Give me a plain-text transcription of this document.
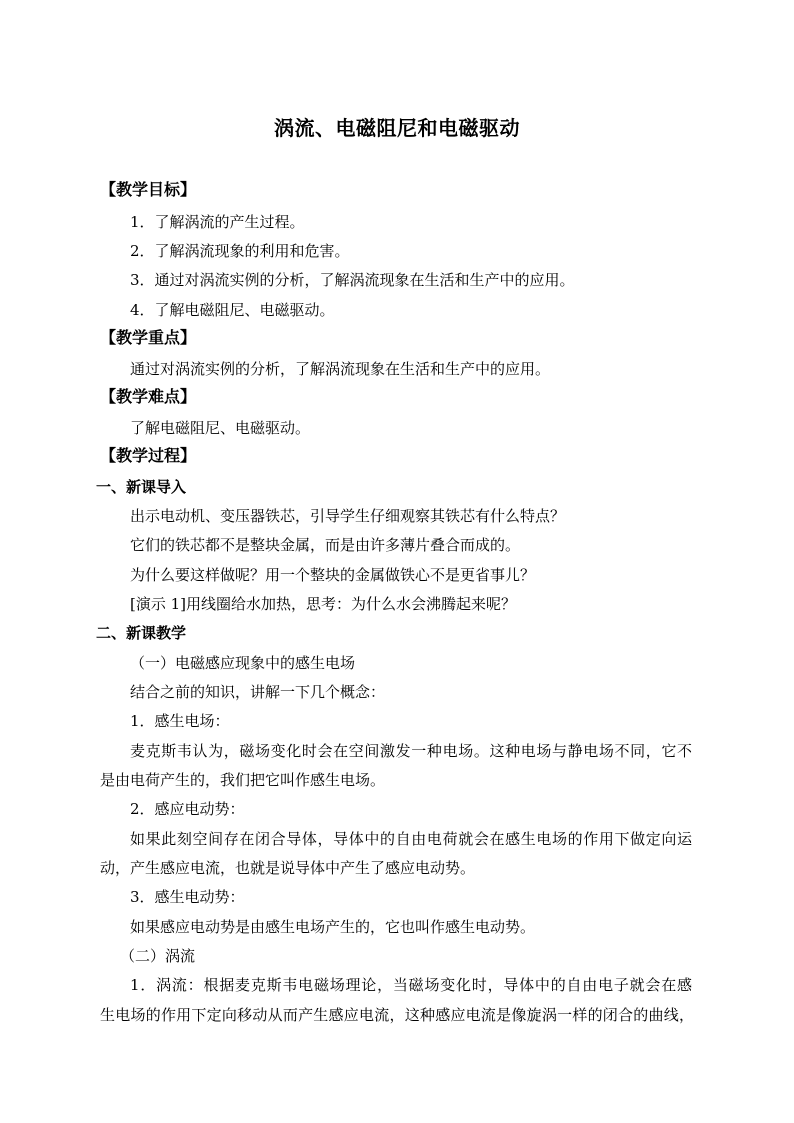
涡流、电磁阻尼和电磁驱动
【教学目标】
1．了解涡流的产生过程。
2．了解涡流现象的利用和危害。
3．通过对涡流实例的分析，了解涡流现象在生活和生产中的应用。
4．了解电磁阻尼、电磁驱动。
【教学重点】
通过对涡流实例的分析，了解涡流现象在生活和生产中的应用。
【教学难点】
了解电磁阻尼、电磁驱动。
【教学过程】
一、新课导入
出示电动机、变压器铁芯，引导学生仔细观察其铁芯有什么特点？
它们的铁芯都不是整块金属，而是由许多薄片叠合而成的。
为什么要这样做呢？用一个整块的金属做铁心不是更省事儿？
[演示 1]用线圈给水加热，思考：为什么水会沸腾起来呢？
二、新课教学
（一）电磁感应现象中的感生电场
结合之前的知识，讲解一下几个概念：
1．感生电场：
麦克斯韦认为，磁场变化时会在空间激发一种电场。这种电场与静电场不同，它不
是由电荷产生的，我们把它叫作感生电场。
2．感应电动势：
如果此刻空间存在闭合导体，导体中的自由电荷就会在感生电场的作用下做定向运
动，产生感应电流，也就是说导体中产生了感应电动势。
3．感生电动势：
如果感应电动势是由感生电场产生的，它也叫作感生电动势。
（二）涡流
1．涡流：根据麦克斯韦电磁场理论，当磁场变化时，导体中的自由电子就会在感
生电场的作用下定向移动从而产生感应电流，这种感应电流是像旋涡一样的闭合的曲线，
